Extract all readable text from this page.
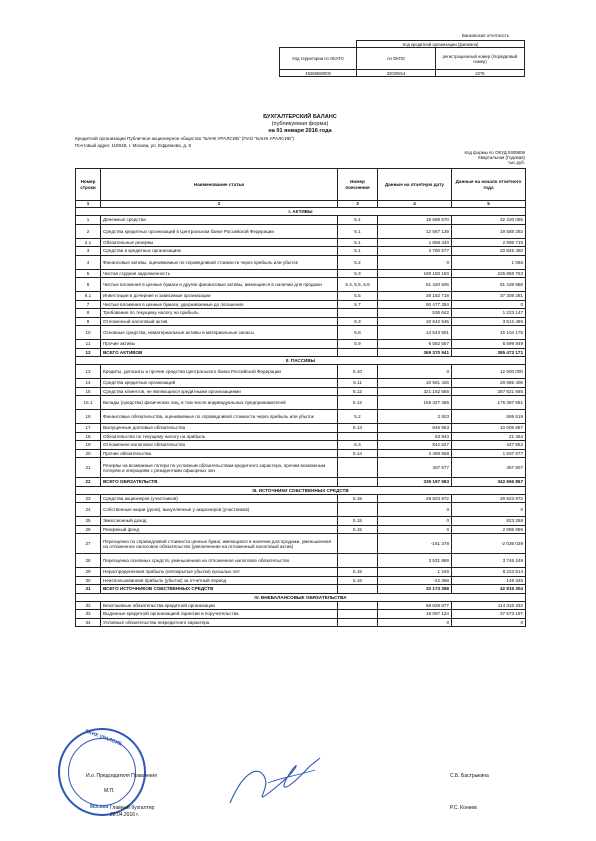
Банковская отчетность
	Код кредитной организации (филиала)	
Код территории по ОКАТО	по ОКПО	регистрационный номер (/порядковый номер)
45286580000	32020814	2275
БУХГАЛТЕРСКИЙ БАЛАНС
(публикуемая форма)
на 01 января 2016 года
Кредитной организации Публичное акционерное общество "БАНК УРАЛСИБ" (ПАО "БАНК УРАЛСИБ")
Почтовый адрес 119048, г. Москва, ул. Ефремова, д. 8
Код формы по ОКУД 0409806
Квартальная (Годовая)
тыс.руб.
Номер строки	Наименование статьи	Номер пояснения	Данные на отчетную дату	Данные на начало отчетного года
1	2	3	4	5
I. АКТИВЫ				
1	Денежные средства	5.1	19 689 570	32 220 065
2	Средства кредитных организаций в Центральном банке Российской Федерации	5.1	12 567 139	19 588 292
2.1	Обязательные резервы	5.1	1 658 440	2 896 715
3	Средства в кредитных организациях	5.1	2 760 577	20 845 450
4	Финансовые активы, оцениваемые по справедливой стоимости через прибыль или убыток	5.2	0	1 066
5	Чистая ссудная задолженность	5.3	190 150 150	225 858 753
6	Чистые вложения в ценные бумаги и другие финансовые активы, имеющиеся в наличии для продажи	5.4, 5.5, 5.6	51 420 506	61 439 888
6.1	Инвестиции в дочерние и зависимые организации	5.5	28 182 718	37 308 281
7	Чистые вложения в ценные бумаги, удерживаемые до погашения	5.7	60 477 354	0
8	Требование по текущему налогу на прибыль		536 642	1 223 147
9	Отложенный налоговый актив	6.3	10 642 545	3 512 486
10	Основные средства, нематериальные активы и материальные запасы	5.8	14 543 901	15 104 175
11	Прочие активы	5.9	6 582 557	5 699 849
12	ВСЕГО АКТИВОВ		369 370 941	385 473 171
II. ПАССИВЫ				
13	Кредиты, депозиты и прочие средства Центрального банка Российской Федерации	5.10	0	12 500 000
14	Средства кредитных организаций	5.11	10 561 426	28 885 406
15	Средства клиентов, не являющихся кредитными организациями	5.12	321 182 566	287 821 665
15.1	Вклады (средства) физических лиц, в том числе индивидуальных предпринимателей	5.12	165 327 496	175 387 581
16	Финансовые обязательства, оцениваемые по справедливой стоимости через прибыль или убыток	5.2	2 823	599 619
17	Выпущенные долговые обязательства	5.13	646 953	10 005 687
18	Обязательство по текущему налогу на прибыль		63 943	21 454
19	Отложенное налоговое обязательство	6.3	842 627	427 552
20	Прочие обязательства	5.14	2 489 668	1 937 677
21	Резервы на возможные потери по условным обязательствам кредитного характера, прочим возможным потерям и операциям с резидентами офшорных зон		407 577	457 807
22	ВСЕГО ОБЯЗАТЕЛЬСТВ		336 197 583	342 656 867
III. ИСТОЧНИКИ СОБСТВЕННЫХ СРЕДСТВ				
23	Средства акционеров (участников)	5.15	29 823 972	29 823 972
24	Собственные акции (доли), выкупленные у акционеров (участников)		0	0
25	Эмиссионный доход	5.15	0	823 268
26	Резервный фонд	5.15	0	2 085 996
27	Переоценка по справедливой стоимости ценных бумаг, имеющихся в наличии для продажи, уменьшенная на отложенное налоговое обязательство (увеличенная на отложенный налоговый актив)		-161 378	-2 036 039
28	Переоценка основных средств, уменьшенная на отложенное налоговое обязательство		3 531 886	3 746 248
29	Нераспределенная прибыль (непокрытые убытки) прошлых лет	5.15	1 246	8 223 514
30	Неиспользованная прибыль (убыток) за отчетный период	5.15	-22 368	149 345
31	ВСЕГО ИСТОЧНИКОВ СОБСТВЕННЫХ СРЕДСТВ		33 173 358	42 816 304
IV. ВНЕБАЛАНСОВЫЕ ОБЯЗАТЕЛЬСТВА				
32	Безотзывные обязательства кредитной организации		68 828 877	114 316 332
33	Выданные кредитной организацией гарантии и поручительства		18 057 124	37 573 197
34	Условные обязательства некредитного характера		0	0
БАНК УРАЛСИБ
Москва
И.о. Председателя Правления	С.Б. Бастрыкина
М.П.
Главный бухгалтер	Р.С. Конеев
28.04.2016 г.
